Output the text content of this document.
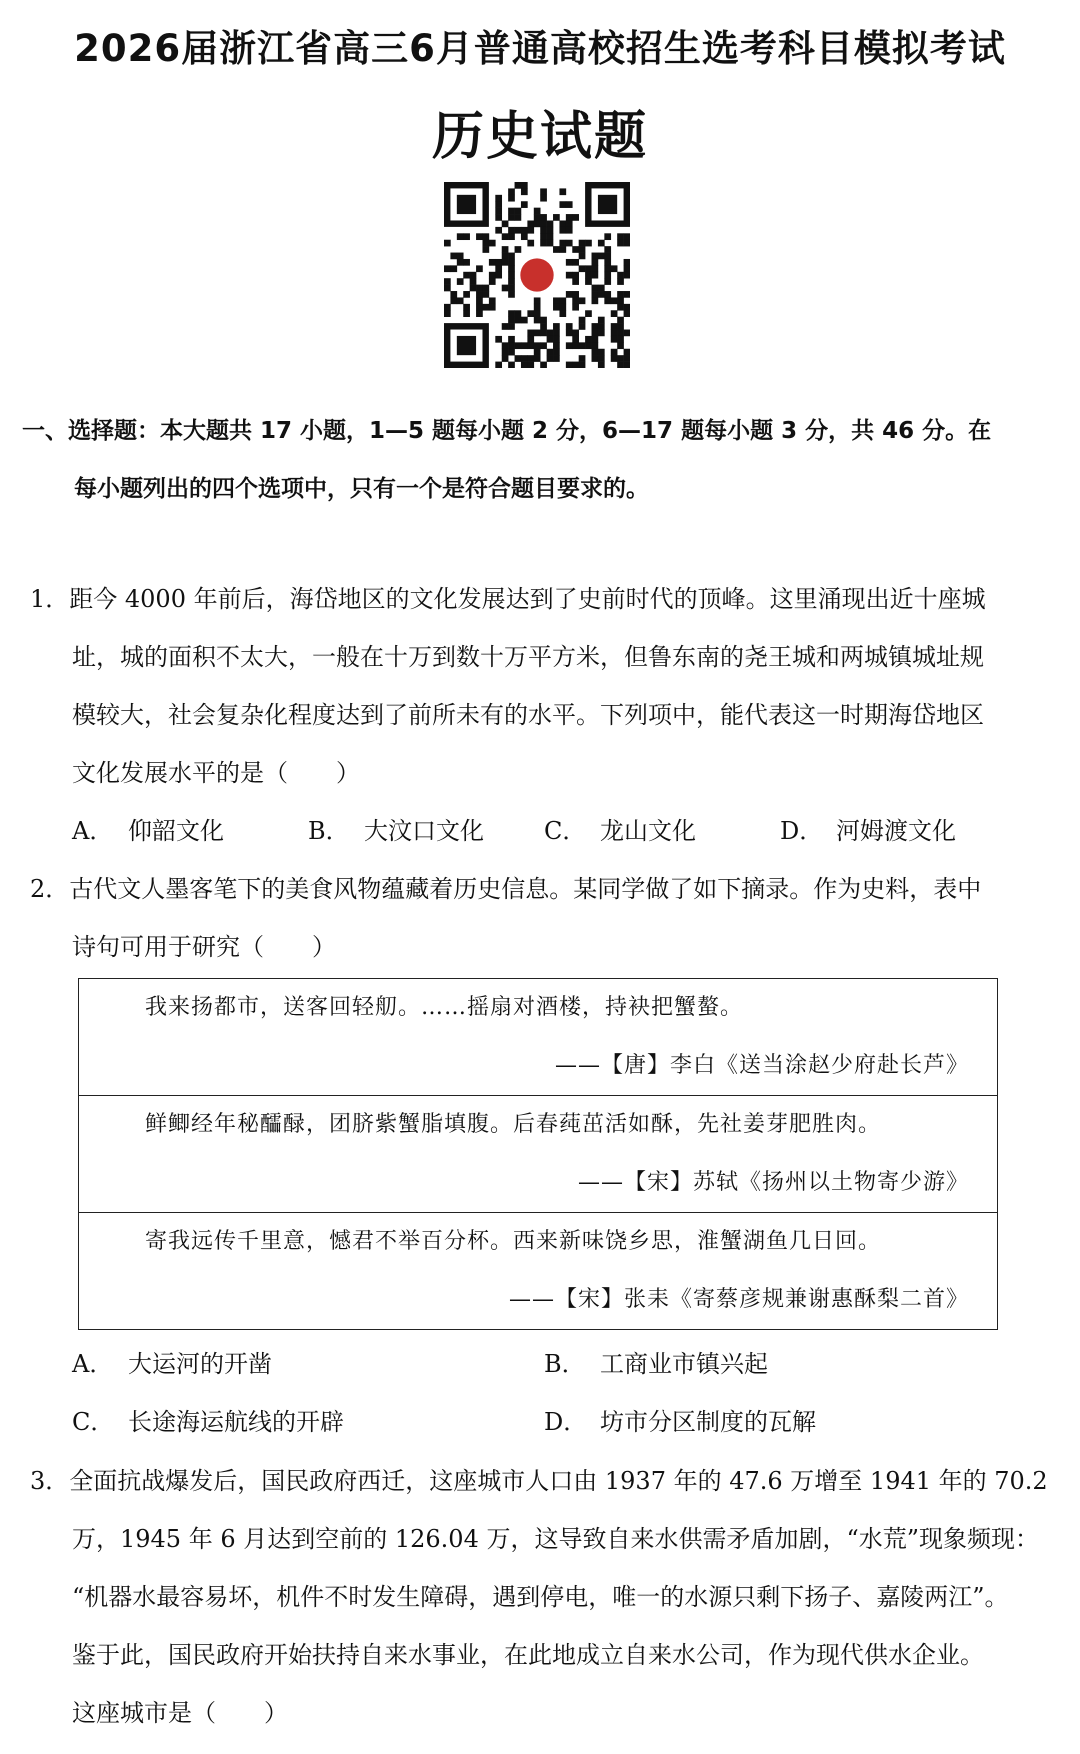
2026届浙江省高三6月普通高校招生选考科目模拟考试
历史试题
一、选择题：本大题共 17 小题，1—5 题每小题 2 分，6—17 题每小题 3 分，共 46 分。在
每小题列出的四个选项中，只有一个是符合题目要求的。
1．距今 4000 年前后，海岱地区的文化发展达到了史前时代的顶峰。这里涌现出近十座城
址，城的面积不太大，一般在十万到数十万平方米，但鲁东南的尧王城和两城镇城址规
模较大，社会复杂化程度达到了前所未有的水平。下列项中，能代表这一时期海岱地区
文化发展水平的是（　　）
A． 仰韶文化	B． 大汶口文化	C． 龙山文化	D． 河姆渡文化
2．古代文人墨客笔下的美食风物蕴藏着历史信息。某同学做了如下摘录。作为史料，表中
诗句可用于研究（　　）
我来扬都市，送客回轻舠。……摇扇对酒楼，持袂把蟹螯。
——【唐】李白《送当涂赵少府赴长芦》

鲜鲫经年秘醽醁，团脐紫蟹脂填腹。后春莼茁活如酥，先社姜芽肥胜肉。
——【宋】苏轼《扬州以土物寄少游》

寄我远传千里意，憾君不举百分杯。西来新味饶乡思，淮蟹湖鱼几日回。
——【宋】张耒《寄蔡彦规兼谢惠酥梨二首》
A． 大运河的开凿	B． 工商业市镇兴起
C． 长途海运航线的开辟	D． 坊市分区制度的瓦解
3．全面抗战爆发后，国民政府西迁，这座城市人口由 1937 年的 47.6 万增至 1941 年的 70.2
万，1945 年 6 月达到空前的 126.04 万，这导致自来水供需矛盾加剧，“水荒”现象频现：
“机器水最容易坏，机件不时发生障碍，遇到停电，唯一的水源只剩下扬子、嘉陵两江”。
鉴于此，国民政府开始扶持自来水事业，在此地成立自来水公司，作为现代供水企业。
这座城市是（　　）
